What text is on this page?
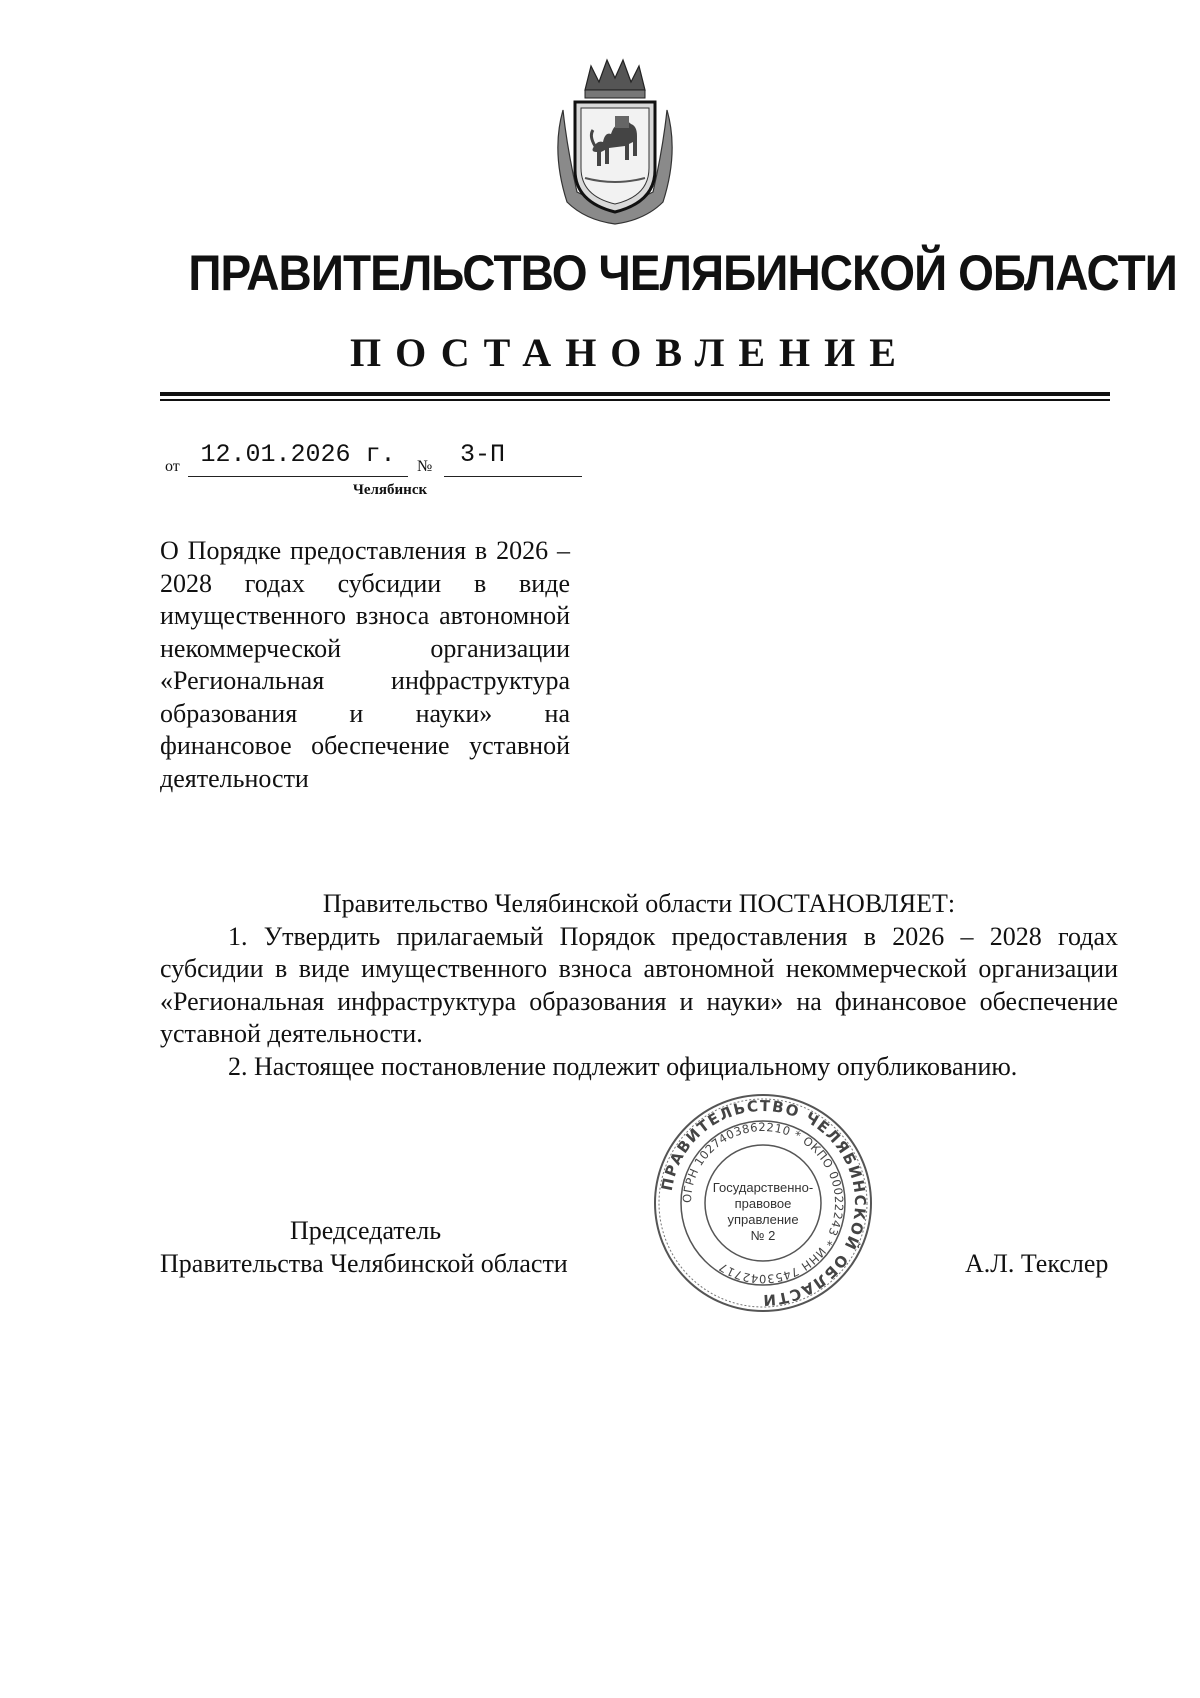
ПРАВИТЕЛЬСТВО ЧЕЛЯБИНСКОЙ ОБЛАСТИ
ПОСТАНОВЛЕНИЕ
от 12.01.2026 г.	№ 3-П
Челябинск
О Порядке предоставления в 2026 – 2028 годах субсидии в виде имущественного взноса автономной некоммерческой организации «Региональная инфраструктура образования и науки» на финансовое обеспечение уставной деятельности

Правительство Челябинской области ПОСТАНОВЛЯЕТ:

1. Утвердить прилагаемый Порядок предоставления в 2026 – 2028 годах субсидии в виде имущественного взноса автономной некоммерческой организации «Региональная инфраструктура образования и науки» на финансовое обеспечение уставной деятельности.

2. Настоящее постановление подлежит официальному опубликованию.

ПРАВИТЕЛЬСТВО ЧЕЛЯБИНСКОЙ ОБЛАСТИ
ОГРН 1027403862210 * ОКПО 00022243 * ИНН 7453042717
Государственно-
правовое
управление
№ 2
Председатель
Правительства Челябинской области	А.Л. Текслер
